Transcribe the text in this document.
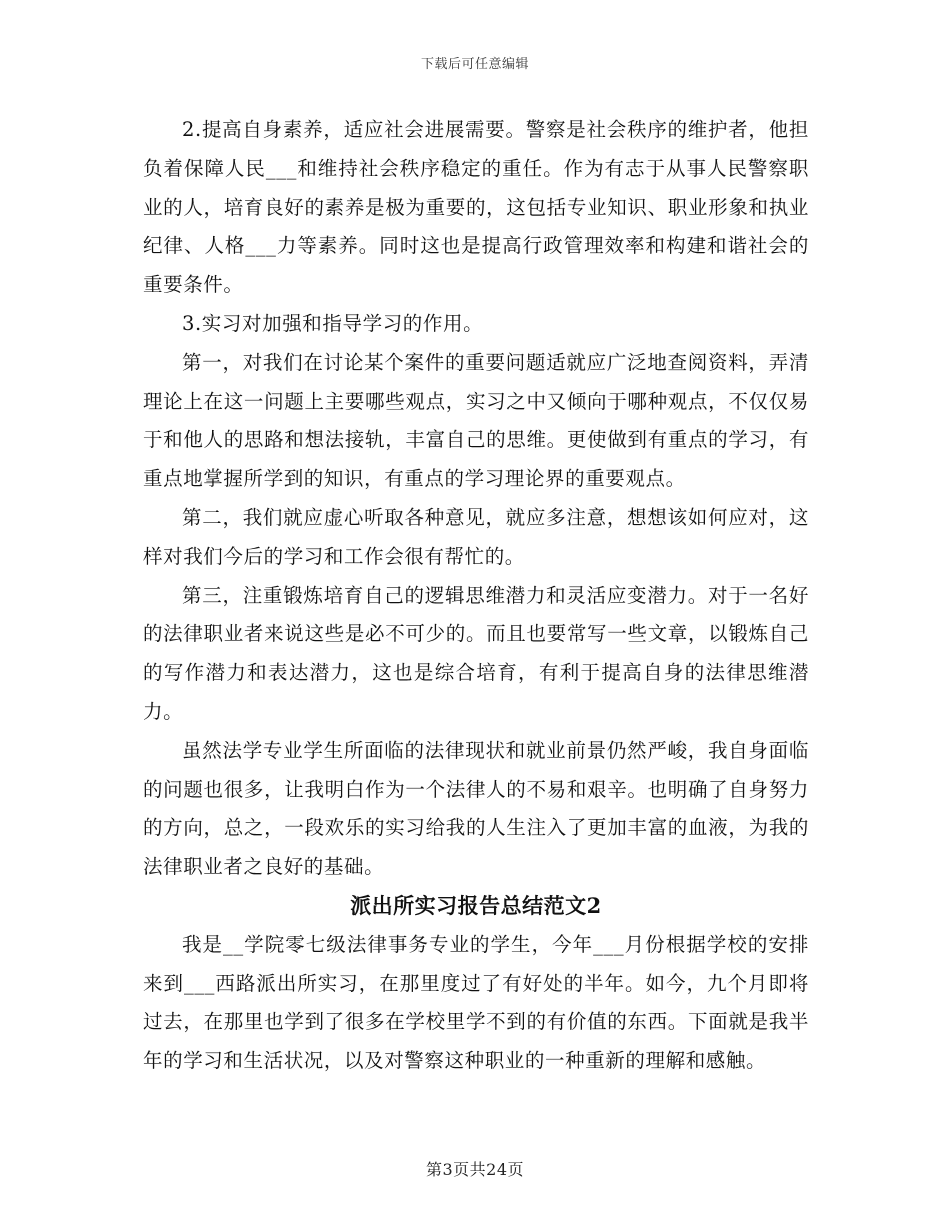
下载后可任意编辑

2.提高自身素养，适应社会进展需要。警察是社会秩序的维护者，他担负着保障人民___和维持社会秩序稳定的重任。作为有志于从事人民警察职业的人，培育良好的素养是极为重要的，这包括专业知识、职业形象和执业纪律、人格___力等素养。同时这也是提高行政管理效率和构建和谐社会的重要条件。

3.实习对加强和指导学习的作用。

第一，对我们在讨论某个案件的重要问题适就应广泛地查阅资料，弄清理论上在这一问题上主要哪些观点，实习之中又倾向于哪种观点，不仅仅易于和他人的思路和想法接轨，丰富自己的思维。更使做到有重点的学习，有重点地掌握所学到的知识，有重点的学习理论界的重要观点。

第二，我们就应虚心听取各种意见，就应多注意，想想该如何应对，这样对我们今后的学习和工作会很有帮忙的。

第三，注重锻炼培育自己的逻辑思维潜力和灵活应变潜力。对于一名好的法律职业者来说这些是必不可少的。而且也要常写一些文章，以锻炼自己的写作潜力和表达潜力，这也是综合培育，有利于提高自身的法律思维潜力。

虽然法学专业学生所面临的法律现状和就业前景仍然严峻，我自身面临的问题也很多，让我明白作为一个法律人的不易和艰辛。也明确了自身努力的方向，总之，一段欢乐的实习给我的人生注入了更加丰富的血液，为我的法律职业者之良好的基础。

派出所实习报告总结范文2

我是__学院零七级法律事务专业的学生，今年___月份根据学校的安排来到___西路派出所实习，在那里度过了有好处的半年。如今，九个月即将过去，在那里也学到了很多在学校里学不到的有价值的东西。下面就是我半年的学习和生活状况，以及对警察这种职业的一种重新的理解和感触。

第3页共24页
